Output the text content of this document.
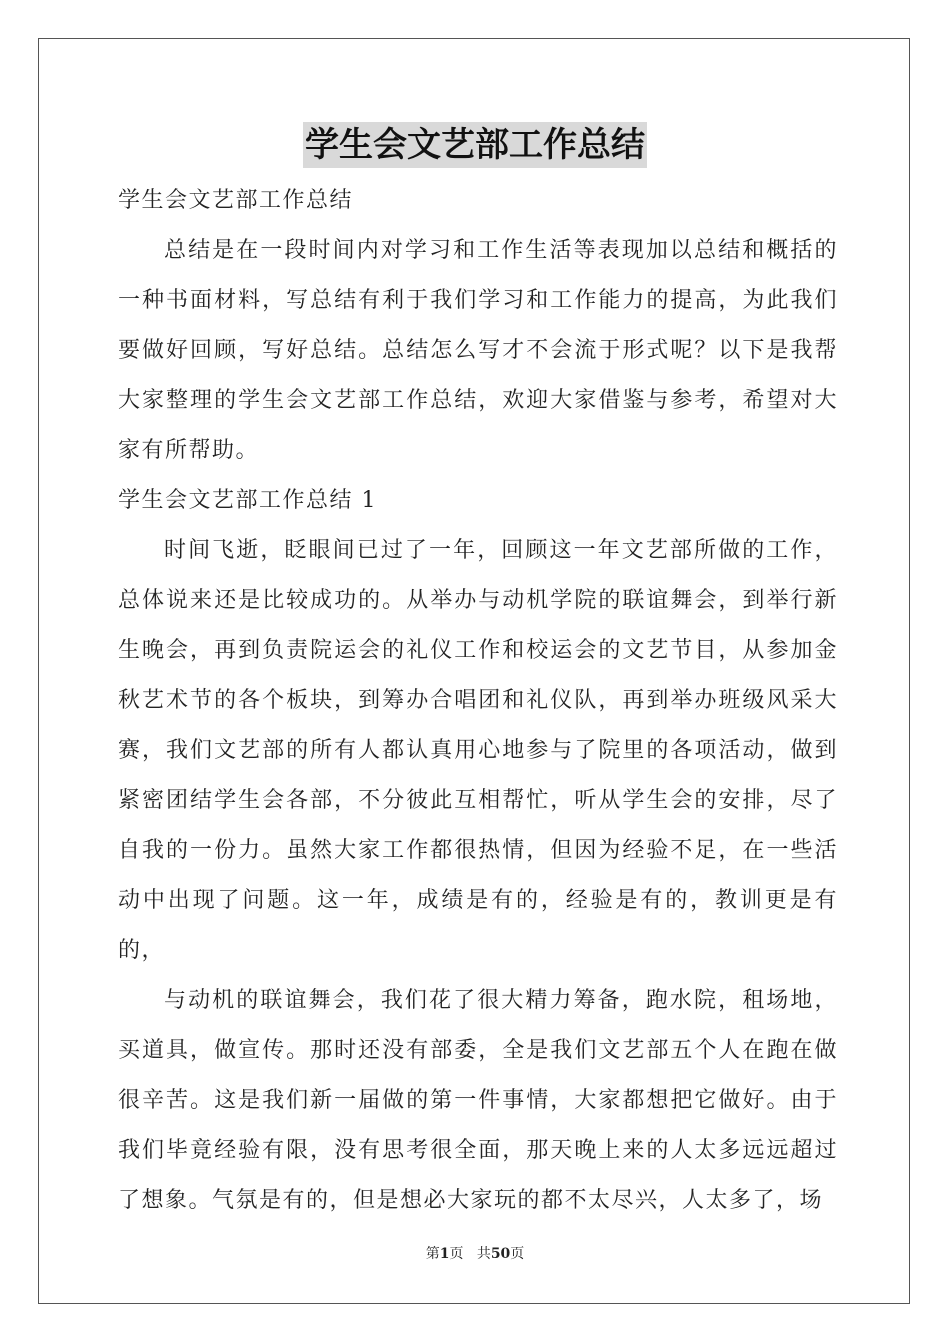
学生会文艺部工作总结

学生会文艺部工作总结

总结是在一段时间内对学习和工作生活等表现加以总结和概括的一种书面材料，写总结有利于我们学习和工作能力的提高，为此我们要做好回顾，写好总结。总结怎么写才不会流于形式呢？以下是我帮大家整理的学生会文艺部工作总结，欢迎大家借鉴与参考，希望对大家有所帮助。

学生会文艺部工作总结 1

时间飞逝，眨眼间已过了一年，回顾这一年文艺部所做的工作，总体说来还是比较成功的。从举办与动机学院的联谊舞会，到举行新生晚会，再到负责院运会的礼仪工作和校运会的文艺节目，从参加金秋艺术节的各个板块，到筹办合唱团和礼仪队，再到举办班级风采大赛，我们文艺部的所有人都认真用心地参与了院里的各项活动，做到紧密团结学生会各部，不分彼此互相帮忙，听从学生会的安排，尽了自我的一份力。虽然大家工作都很热情，但因为经验不足，在一些活动中出现了问题。这一年，成绩是有的，经验是有的，教训更是有的，

与动机的联谊舞会，我们花了很大精力筹备，跑水院，租场地，买道具，做宣传。那时还没有部委，全是我们文艺部五个人在跑在做很辛苦。这是我们新一届做的第一件事情，大家都想把它做好。由于我们毕竟经验有限，没有思考很全面，那天晚上来的人太多远远超过了想象。气氛是有的，但是想必大家玩的都不太尽兴，人太多了，场

第1页 共50页
